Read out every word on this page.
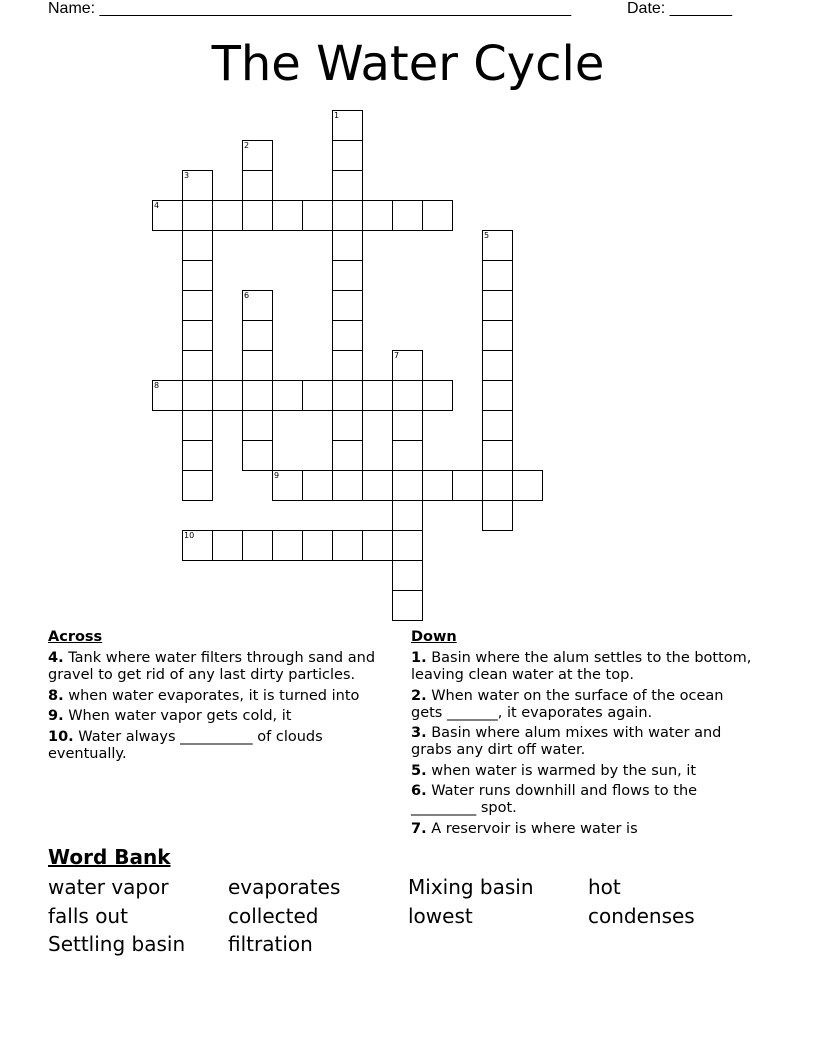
Name: _____________________________________________________	Date: _______
The Water Cycle
1
2
3
4
5
6
7
8
9
10
Across
4. Tank where water filters through sand and gravel to get rid of any last dirty particles.
8. when water evaporates, it is turned into
9. When water vapor gets cold, it
10. Water always __________ of clouds eventually.
Down
1. Basin where the alum settles to the bottom, leaving clean water at the top.
2. When water on the surface of the ocean gets _______, it evaporates again.
3. Basin where alum mixes with water and grabs any dirt off water.
5. when water is warmed by the sun, it
6. Water runs downhill and flows to the _________ spot.
7. A reservoir is where water is
Word Bank
water vapor	evaporates	Mixing basin	hot
falls out	collected	lowest	condenses
Settling basin	filtration
